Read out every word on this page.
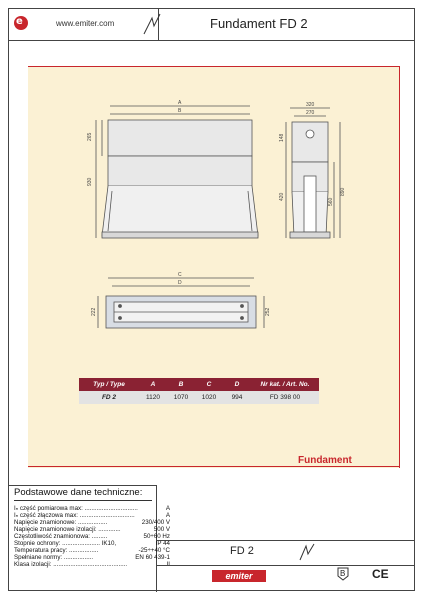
e	www.emiter.com	Fundament FD 2
Fundament
A
B
265
930
320
270
148
420
560
890
C
D
222	252
Typ / Type	A	B	C	D	Nr kat. / Art. No.
FD 2	1120	1070	1020	994	FD 398 00
Podstawowe dane techniczne:
Iₙ część pomiarowa max: ...............................	A
Iₙ część złączowa max: ................................	A
Napięcie znamionowe: .................	230/400 V
Napięcie znamionowe izolacji: .............	500 V
Częstotliwość znamionowa: .........	50÷60 Hz
Stopnie ochrony: ...................... IK10,	IP 44
Temperatura pracy: .................	-25÷+40 °C
Spełniane normy: .................	EN 60 439-1
Klasa izolacji: ...........................................	II
FD 2
emiter	B CE
